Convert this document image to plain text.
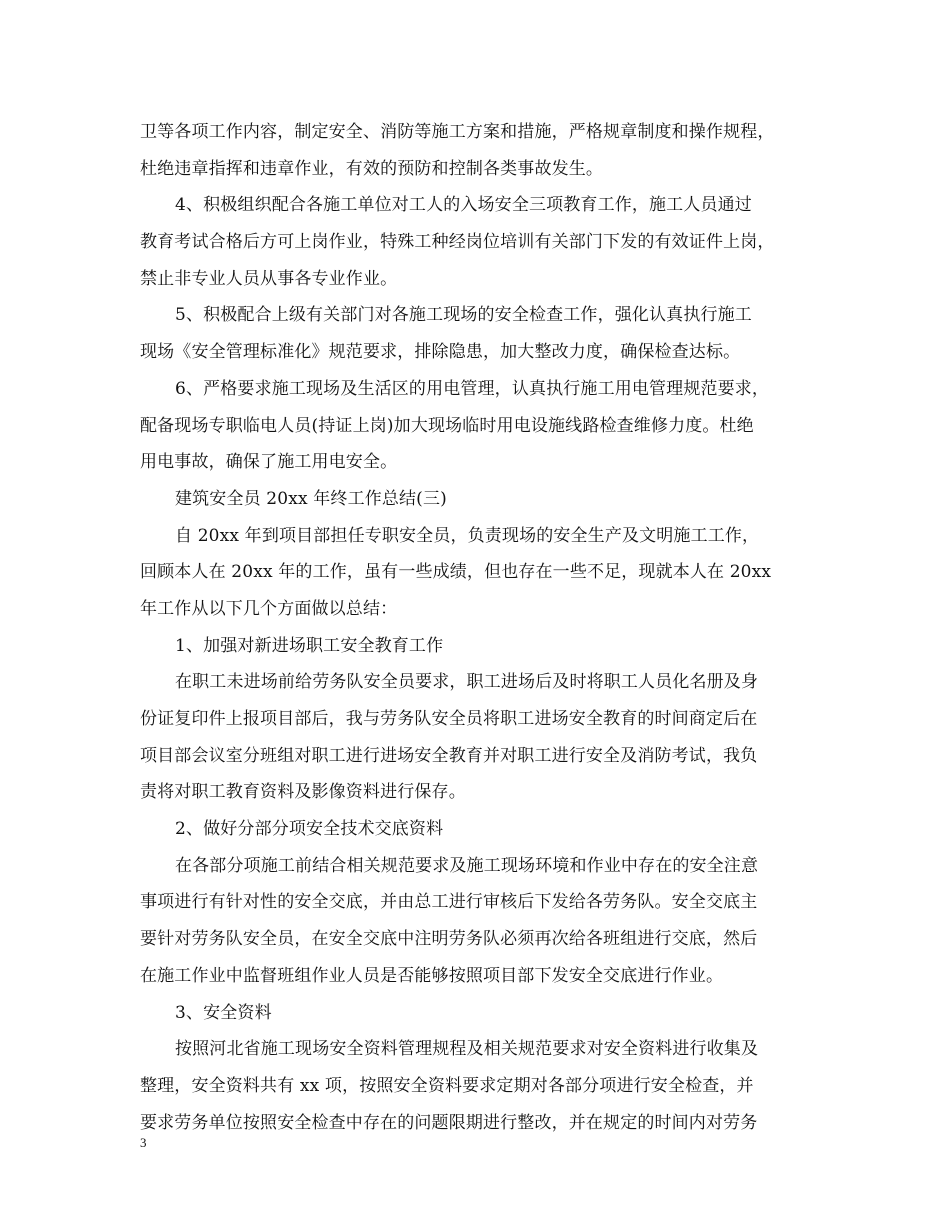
卫等各项工作内容，制定安全、消防等施工方案和措施，严格规章制度和操作规程，
杜绝违章指挥和违章作业，有效的预防和控制各类事故发生。
4、积极组织配合各施工单位对工人的入场安全三项教育工作，施工人员通过
教育考试合格后方可上岗作业，特殊工种经岗位培训有关部门下发的有效证件上岗，
禁止非专业人员从事各专业作业。
5、积极配合上级有关部门对各施工现场的安全检查工作，强化认真执行施工
现场《安全管理标准化》规范要求，排除隐患，加大整改力度，确保检查达标。
6、严格要求施工现场及生活区的用电管理，认真执行施工用电管理规范要求，
配备现场专职临电人员(持证上岗)加大现场临时用电设施线路检查维修力度。杜绝
用电事故，确保了施工用电安全。
建筑安全员 20xx 年终工作总结(三)
自 20xx 年到项目部担任专职安全员，负责现场的安全生产及文明施工工作，
回顾本人在 20xx 年的工作，虽有一些成绩，但也存在一些不足，现就本人在 20xx
年工作从以下几个方面做以总结：
1、加强对新进场职工安全教育工作
在职工未进场前给劳务队安全员要求，职工进场后及时将职工人员化名册及身
份证复印件上报项目部后，我与劳务队安全员将职工进场安全教育的时间商定后在
项目部会议室分班组对职工进行进场安全教育并对职工进行安全及消防考试，我负
责将对职工教育资料及影像资料进行保存。
2、做好分部分项安全技术交底资料
在各部分项施工前结合相关规范要求及施工现场环境和作业中存在的安全注意
事项进行有针对性的安全交底，并由总工进行审核后下发给各劳务队。安全交底主
要针对劳务队安全员，在安全交底中注明劳务队必须再次给各班组进行交底，然后
在施工作业中监督班组作业人员是否能够按照项目部下发安全交底进行作业。
3、安全资料
按照河北省施工现场安全资料管理规程及相关规范要求对安全资料进行收集及
整理，安全资料共有 xx 项，按照安全资料要求定期对各部分项进行安全检查，并
要求劳务单位按照安全检查中存在的问题限期进行整改，并在规定的时间内对劳务
3
